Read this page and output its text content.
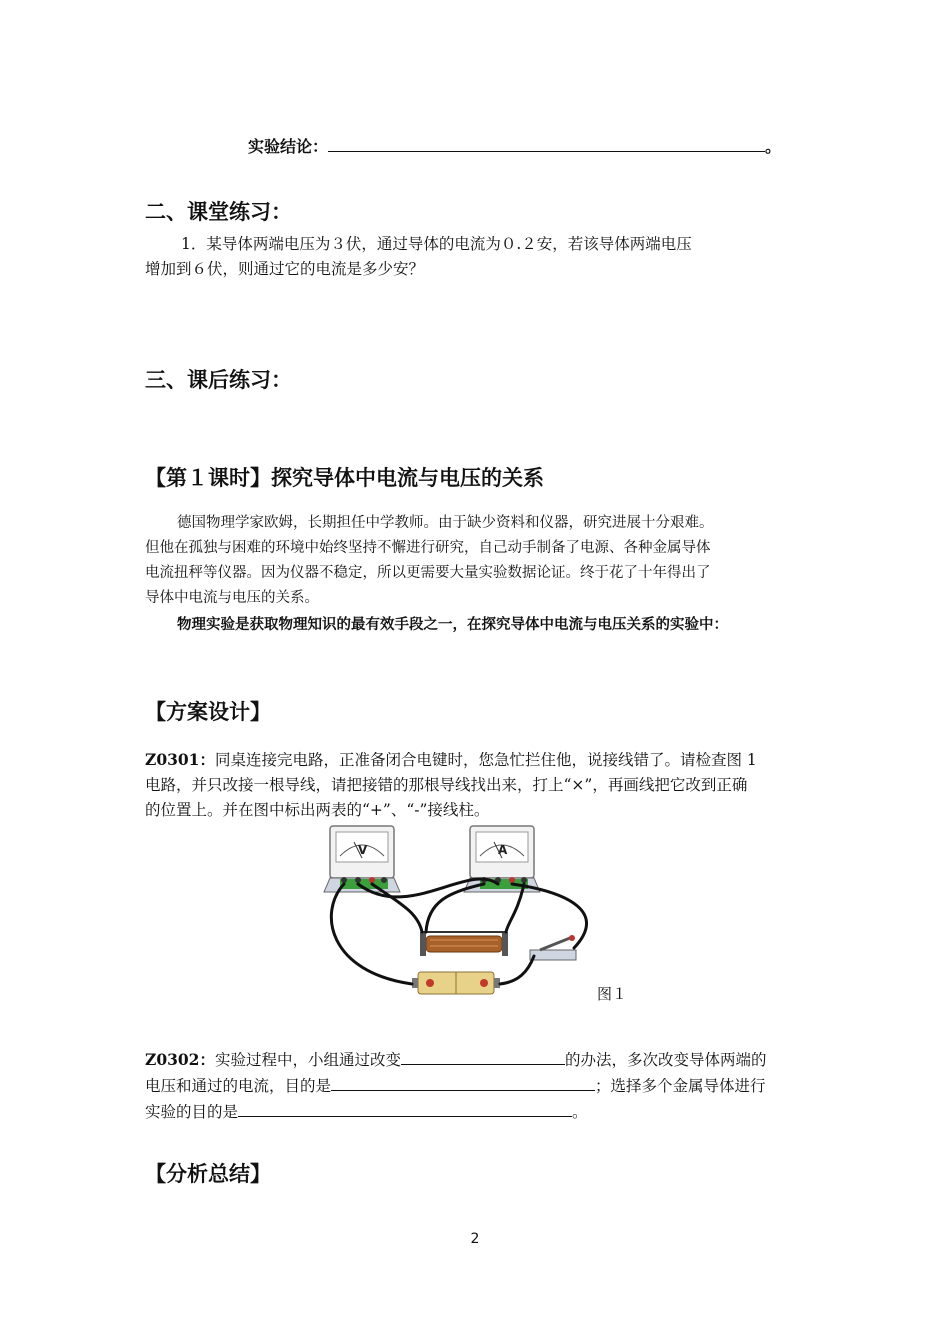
实验结论：	。
二、课堂练习：
1．某导体两端电压为３伏，通过导体的电流为０.２安，若该导体两端电压
增加到６伏，则通过它的电流是多少安？
三、课后练习：
【第１课时】探究导体中电流与电压的关系
德国物理学家欧姆，长期担任中学教师。由于缺少资料和仪器，研究进展十分艰难。
但他在孤独与困难的环境中始终坚持不懈进行研究，自己动手制备了电源、各种金属导体
电流扭秤等仪器。因为仪器不稳定，所以更需要大量实验数据论证。终于花了十年得出了
导体中电流与电压的关系。
物理实验是获取物理知识的最有效手段之一，在探究导体中电流与电压关系的实验中：
【方案设计】
Z0301：同桌连接完电路，正准备闭合电键时，您急忙拦住他，说接线错了。请检查图 1
电路，并只改接一根导线，请把接错的那根导线找出来，打上“×”，再画线把它改到正确
的位置上。并在图中标出两表的“+”、“-”接线柱。
V	A
图１
Z0302：实验过程中，小组通过改变	的办法，多次改变导体两端的
电压和通过的电流，目的是	；选择多个金属导体进行
实验的目的是	。
【分析总结】
2
